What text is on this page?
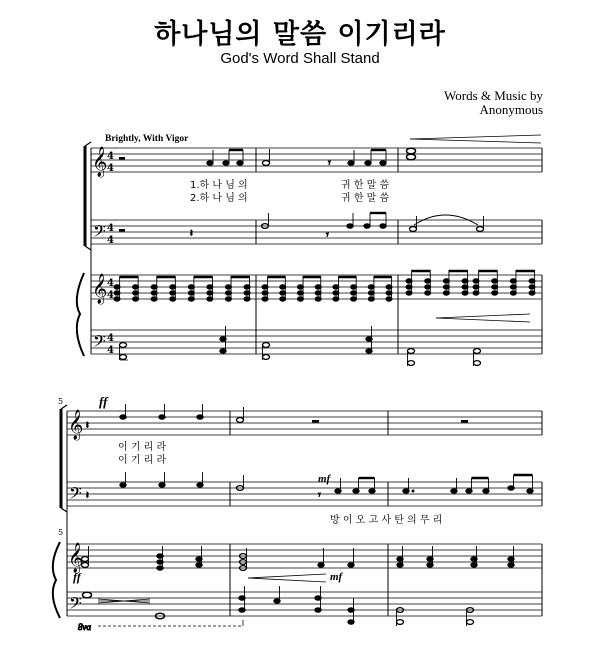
하나님의 말씀 이기리라
God's Word Shall Stand
Words & Music by
Anonymous
𝄞
𝄞
𝄢
𝄢
4
4
4
4
4
4
4
4
Brightly, With Vigor
𝄾
1.하 나 님 의
2.하 나 님 의
귀 한 말 씀
귀 한 말 씀
𝄽	𝄾
5
5
𝄞
𝄞
𝄢
𝄢
ff
mf
ff	mf
𝄽
이 기 리 라
이 기 리 라
𝄽	𝄾
방 이 오 고 사 탄 의 무 리
8va
